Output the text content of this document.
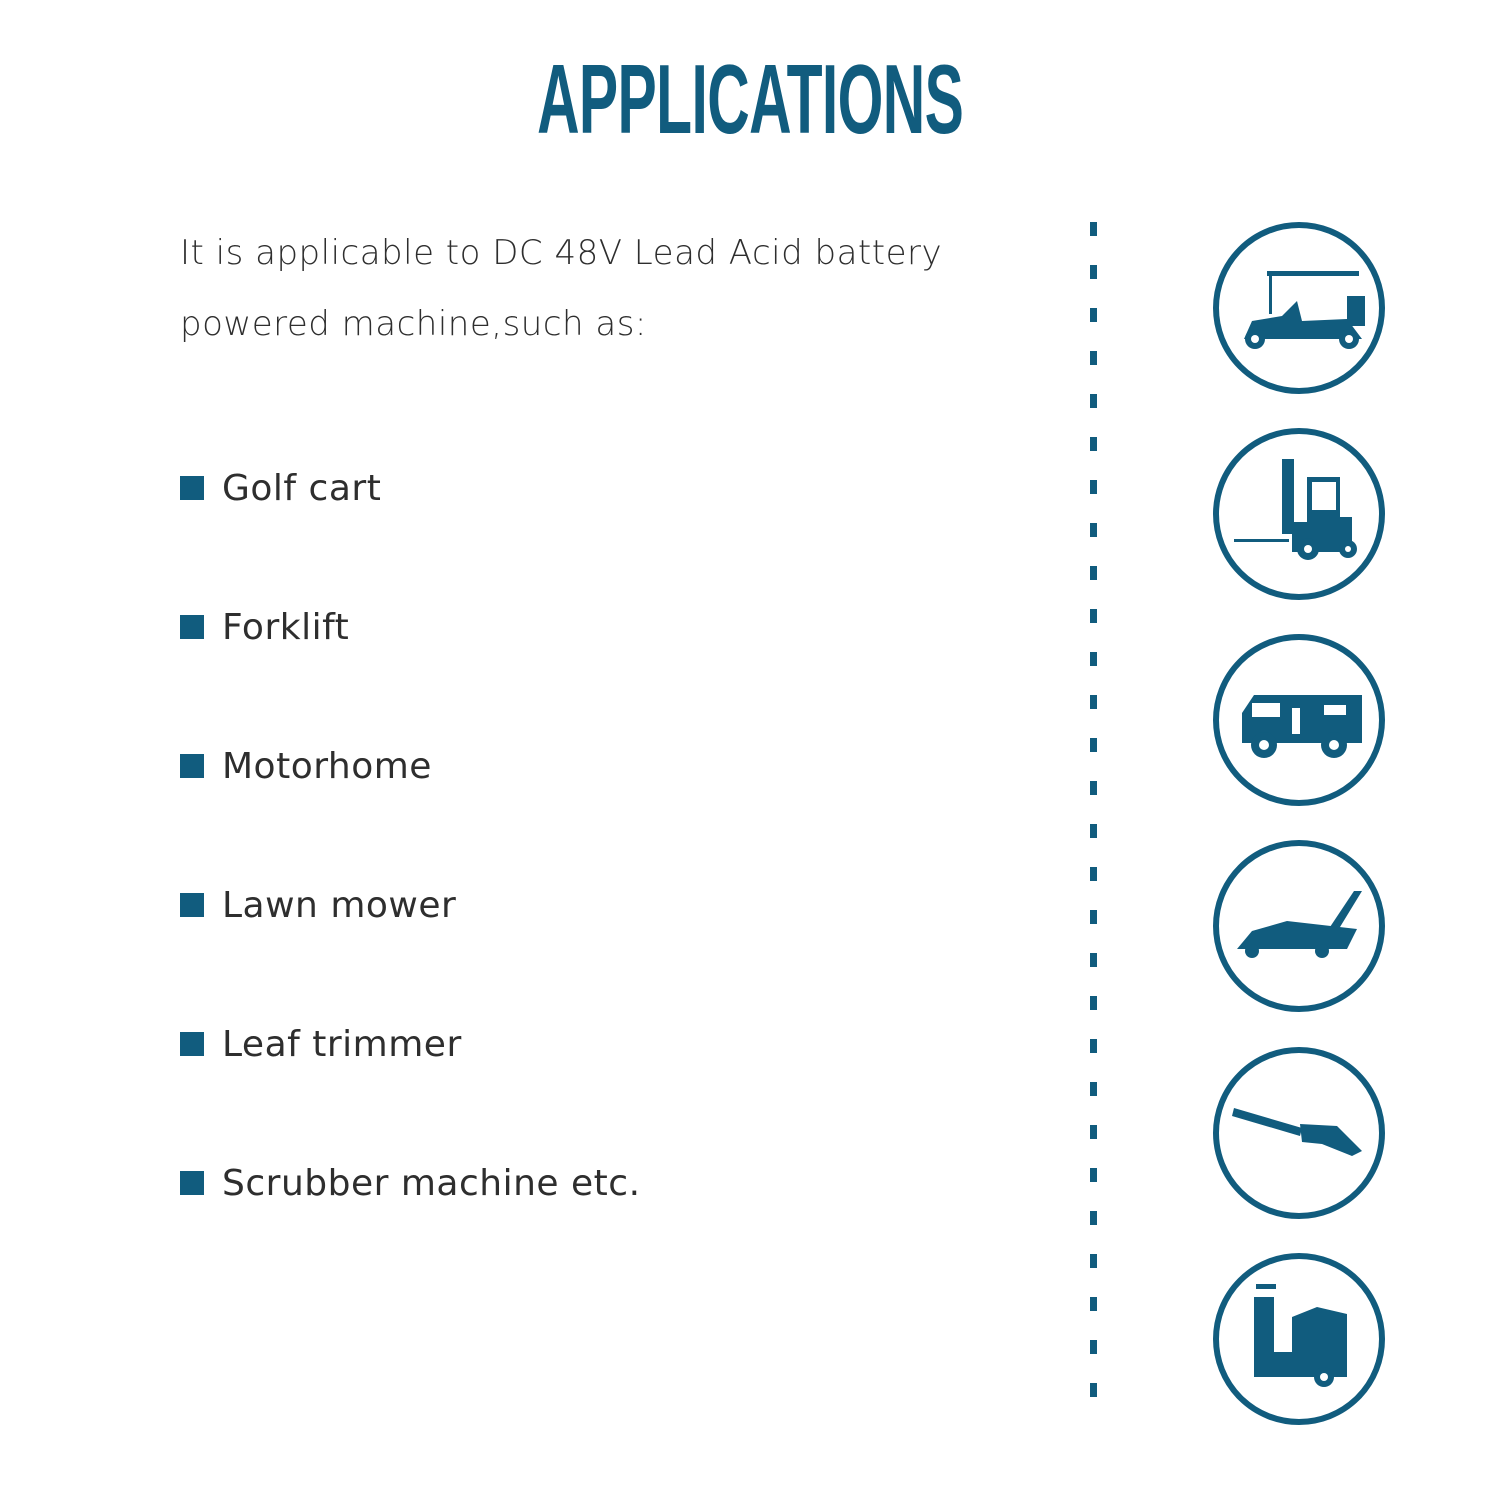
APPLICATIONS
It is applicable to DC 48V Lead Acid battery powered machine,such as:
Golf cart
Forklift
Motorhome
Lawn mower
Leaf trimmer
Scrubber machine etc.
